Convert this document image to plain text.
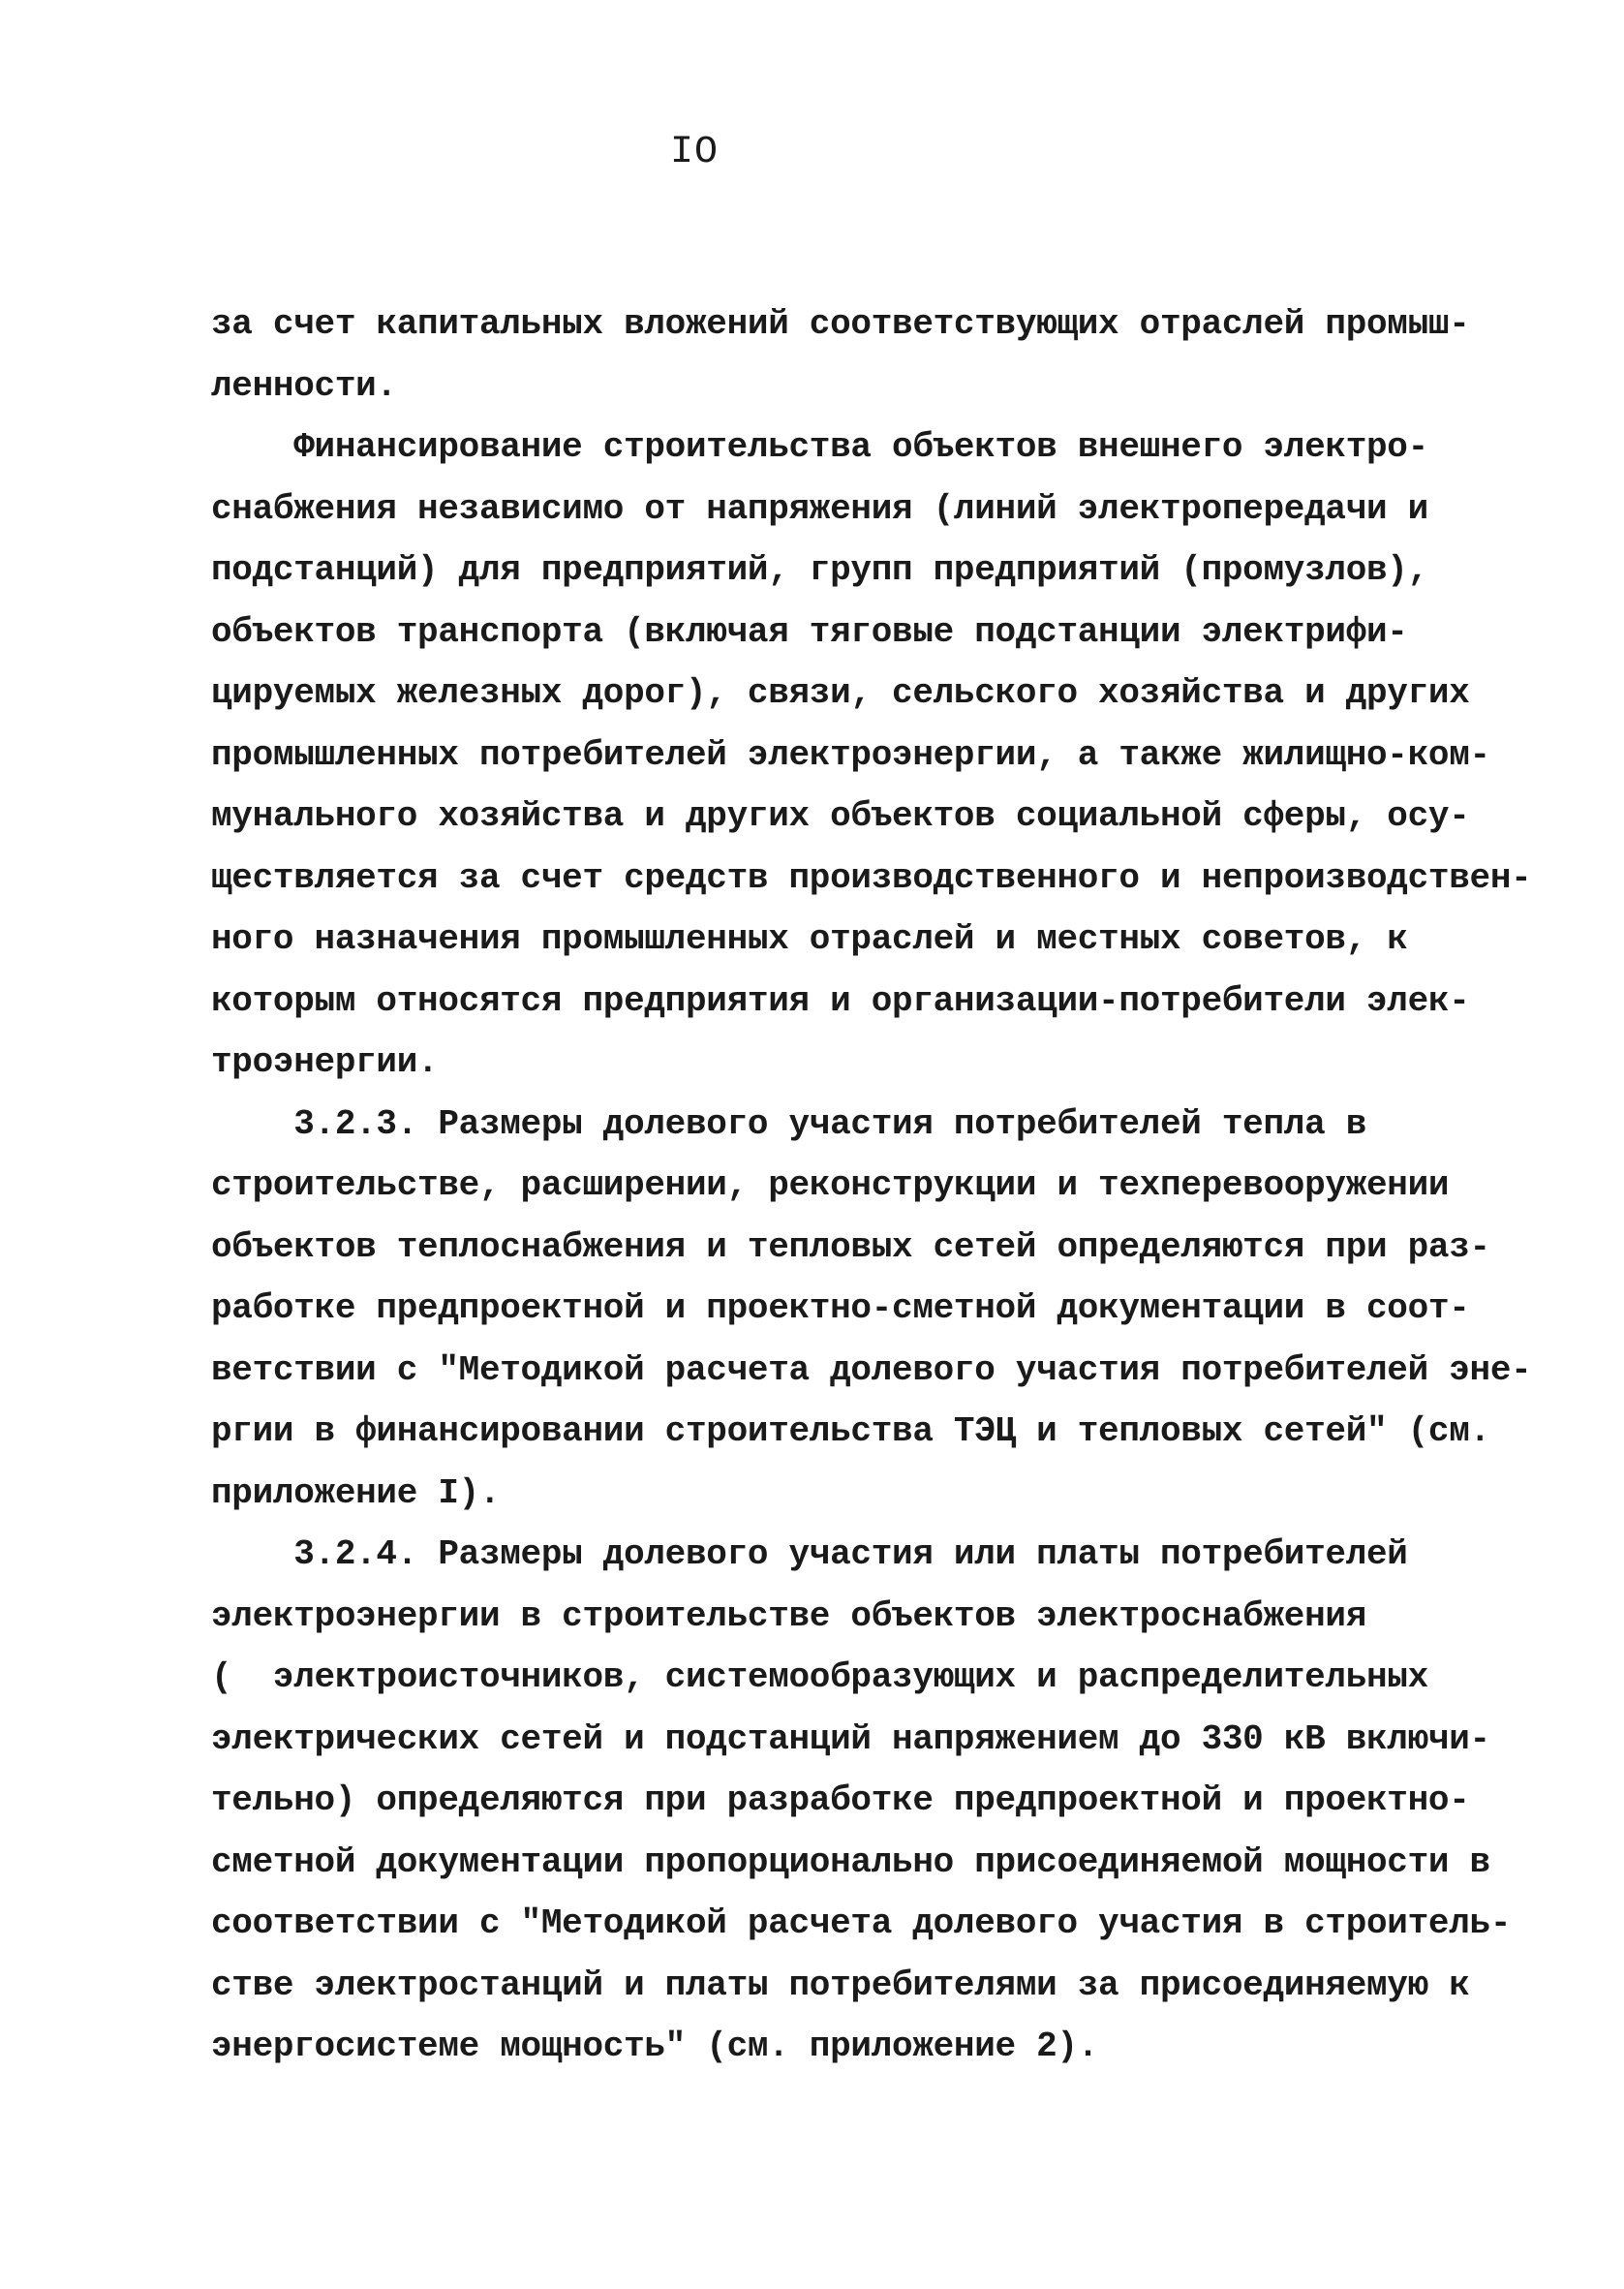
IO
за счет капитальных вложений соответствующих отраслей промыш-
ленности.
Финансирование строительства объектов внешнего электро-
снабжения независимо от напряжения (линий электропередачи и
подстанций) для предприятий, групп предприятий (промузлов),
объектов транспорта (включая тяговые подстанции электрифи-
цируемых железных дорог), связи, сельского хозяйства и других
промышленных потребителей электроэнергии, а также жилищно-ком-
мунального хозяйства и других объектов социальной сферы, осу-
ществляется за счет средств производственного и непроизводствен-
ного назначения промышленных отраслей и местных советов, к
которым относятся предприятия и организации-потребители элек-
троэнергии.
3.2.3. Размеры долевого участия потребителей тепла в
строительстве, расширении, реконструкции и техперевооружении
объектов теплоснабжения и тепловых сетей определяются при раз-
работке предпроектной и проектно-сметной документации в соот-
ветствии с "Методикой расчета долевого участия потребителей эне-
ргии в финансировании строительства ТЭЦ и тепловых сетей" (см.
приложение I).
3.2.4. Размеры долевого участия или платы потребителей
электроэнергии в строительстве объектов электроснабжения
(  электроисточников, системообразующих и распределительных
электрических сетей и подстанций напряжением до 330 кВ включи-
тельно) определяются при разработке предпроектной и проектно-
сметной документации пропорционально присоединяемой мощности в
соответствии с "Методикой расчета долевого участия в строитель-
стве электростанций и платы потребителями за присоединяемую к
энергосистеме мощность" (см. приложение 2).
